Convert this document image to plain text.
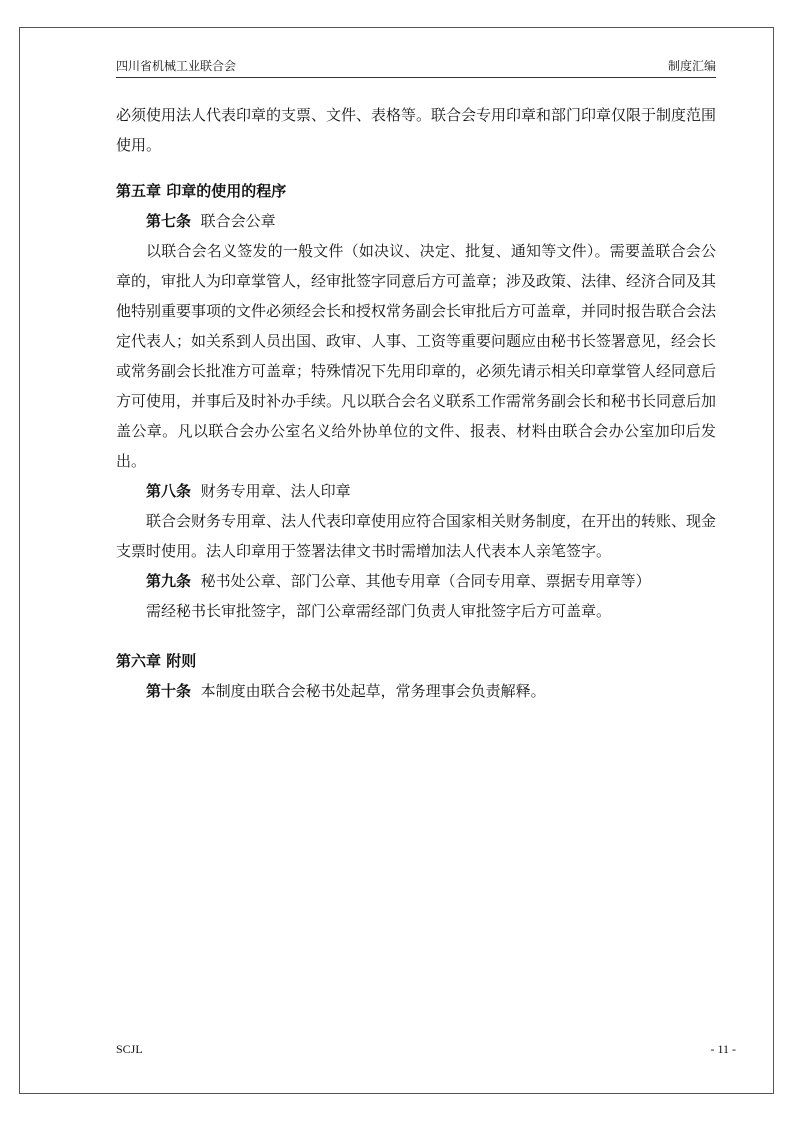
四川省机械工业联合会	制度汇编

必须使用法人代表印章的支票、文件、表格等。联合会专用印章和部门印章仅限于制度范围使用。

第五章 印章的使用的程序

第七条 联合会公章

以联合会名义签发的一般文件（如决议、决定、批复、通知等文件）。需要盖联合会公章的，审批人为印章掌管人，经审批签字同意后方可盖章；涉及政策、法律、经济合同及其他特别重要事项的文件必须经会长和授权常务副会长审批后方可盖章，并同时报告联合会法定代表人；如关系到人员出国、政审、人事、工资等重要问题应由秘书长签署意见，经会长或常务副会长批准方可盖章；特殊情况下先用印章的，必须先请示相关印章掌管人经同意后方可使用，并事后及时补办手续。凡以联合会名义联系工作需常务副会长和秘书长同意后加盖公章。凡以联合会办公室名义给外协单位的文件、报表、材料由联合会办公室加印后发出。

第八条 财务专用章、法人印章

联合会财务专用章、法人代表印章使用应符合国家相关财务制度，在开出的转账、现金支票时使用。法人印章用于签署法律文书时需增加法人代表本人亲笔签字。

第九条 秘书处公章、部门公章、其他专用章（合同专用章、票据专用章等）

需经秘书长审批签字，部门公章需经部门负责人审批签字后方可盖章。

第六章 附则

第十条 本制度由联合会秘书处起草，常务理事会负责解释。

SCJL	- 11 -
